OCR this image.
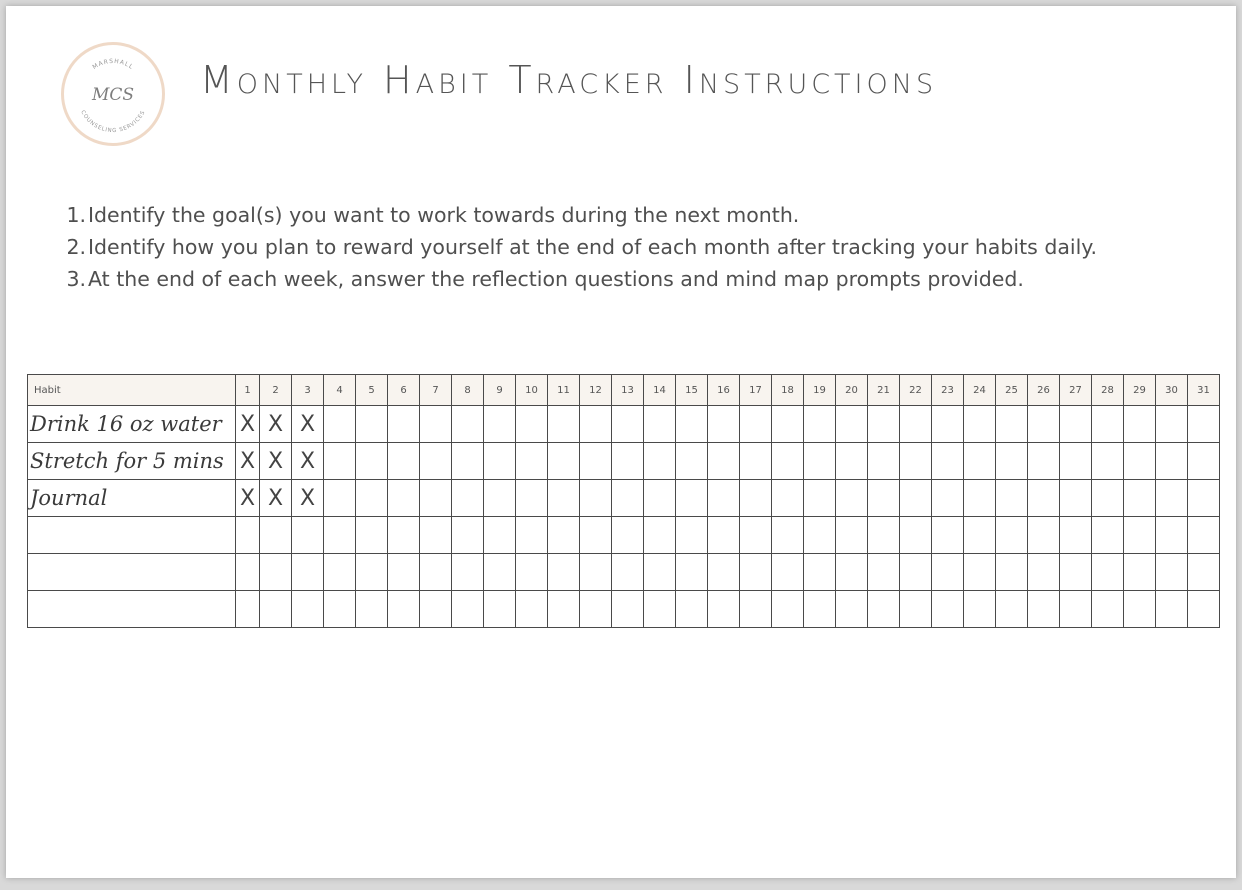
MARSHALL
COUNSELING SERVICES
MCS Monthly Habit Tracker Instructions
1. Identify the goal(s) you want to work towards during the next month.
2. Identify how you plan to reward yourself at the end of each month after tracking your habits daily.
3. At the end of each week, answer the reflection questions and mind map prompts provided.
Habit	1	2	3	4	5	6	7	8	9	10	11	12	13	14	15	16	17	18	19	20	21	22	23	24	25	26	27	28	29	30	31
Drink 16 oz water	X	X	X																												
Stretch for 5 mins	X	X	X																												
Journal	X	X	X																												
